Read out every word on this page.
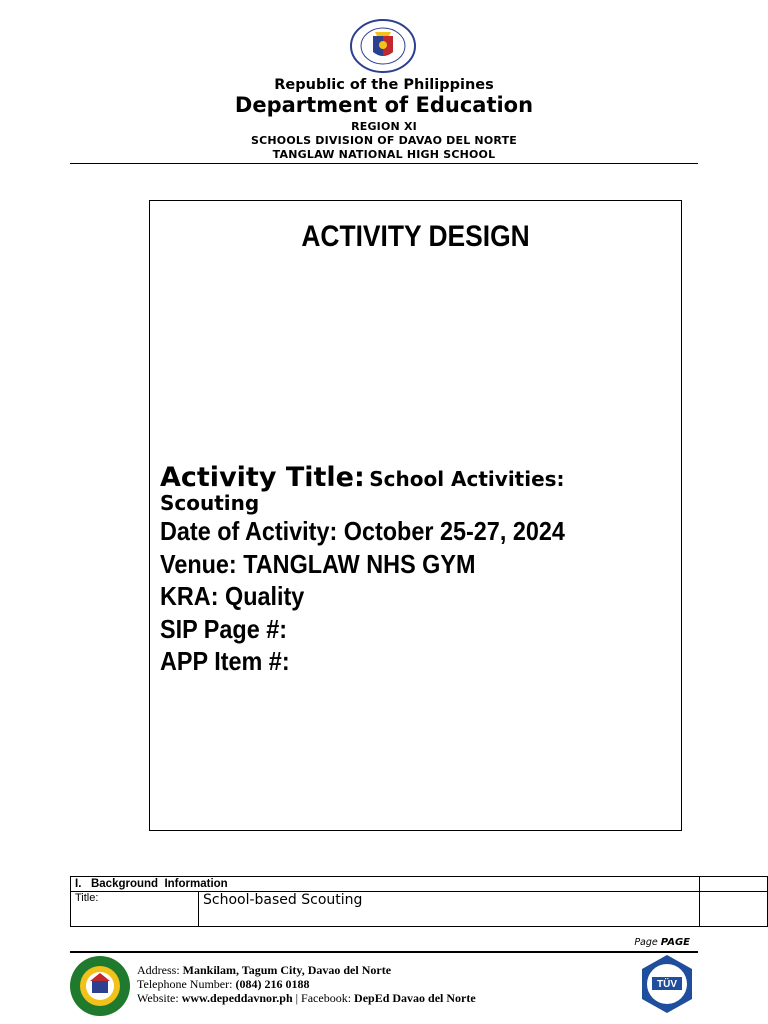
Republic of the Philippines
Department of Education
REGION XI
SCHOOLS DIVISION OF DAVAO DEL NORTE
TANGLAW NATIONAL HIGH SCHOOL
ACTIVITY DESIGN
Activity Title: School Activities:
Scouting
Date of Activity: October 25-27, 2024
Venue: TANGLAW NHS GYM
KRA: Quality
SIP Page #:
APP Item #:
I.   Background  Information		
Title:	School-based Scouting	
Page PAGE
Address: Mankilam, Tagum City, Davao del Norte
Telephone Number: (084) 216 0188
Website: www.depeddavnor.ph | Facebook: DepEd Davao del Norte
TÜV
